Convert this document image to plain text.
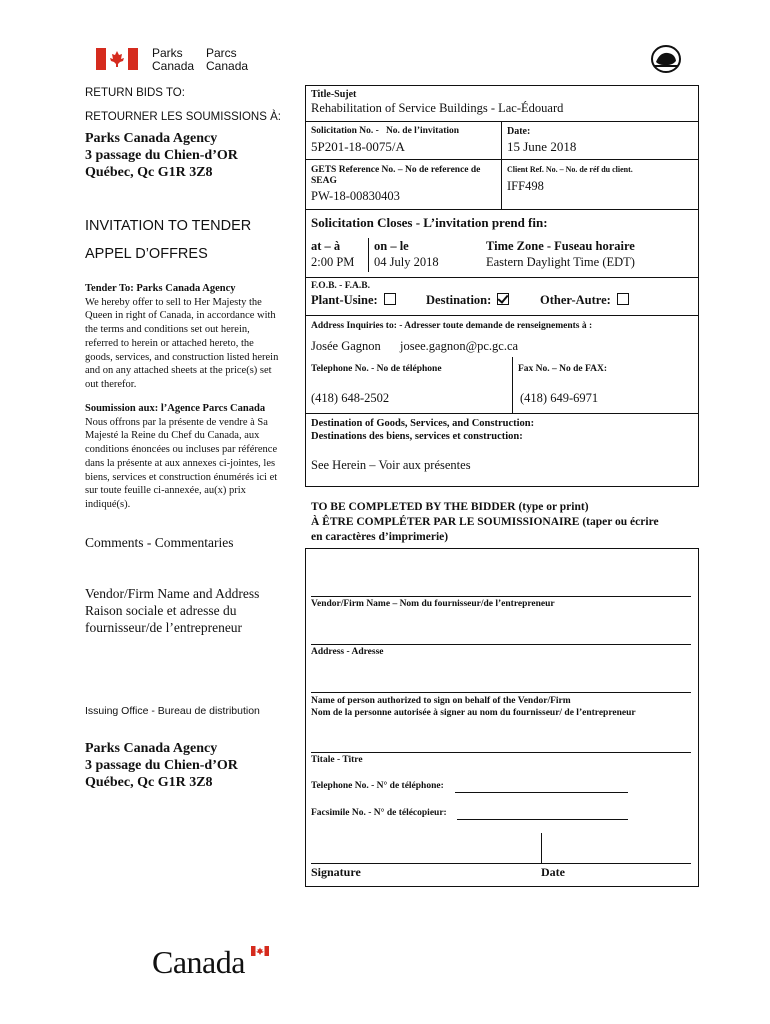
Parks
Canada
Parcs
Canada
RETURN BIDS TO:
RETOURNER LES SOUMISSIONS À:
Parks Canada Agency
3 passage du Chien-d’OR
Québec, Qc G1R 3Z8
INVITATION TO TENDER
APPEL D’OFFRES
Tender To: Parks Canada Agency
We hereby offer to sell to Her Majesty the
Queen in right of Canada, in accordance with
the terms and conditions set out herein,
referred to herein or attached hereto, the
goods, services, and construction listed herein
and on any attached sheets at the price(s) set
out therefor.
Soumission aux: l’Agence Parcs Canada
Nous offrons par la présente de vendre à Sa
Majesté la Reine du Chef du Canada, aux
conditions énoncées ou incluses par référence
dans la présente at aux annexes ci-jointes, les
biens, services et construction énumérés ici et
sur toute feuille ci-annexée, au(x) prix
indiqué(s).
Comments - Commentaries
Vendor/Firm Name and Address
Raison sociale et adresse du
fournisseur/de l’entrepreneur
Issuing Office - Bureau de distribution
Parks Canada Agency
3 passage du Chien-d’OR
Québec, Qc G1R 3Z8
Title-Sujet
Rehabilitation of Service Buildings - Lac-Édouard
Solicitation No. -   No. de l’invitation
5P201-18-0075/A
Date:
15 June 2018
GETS Reference No. – No de reference de
SEAG
PW-18-00830403
Client Ref. No. – No. de réf du client.
IFF498
Solicitation Closes - L’invitation prend fin:
at – à
2:00 PM
on – le
04 July 2018
Time Zone - Fuseau horaire
Eastern Daylight Time (EDT)
F.O.B. - F.A.B.
Plant-Usine:	Destination:	Other-Autre:
Address Inquiries to: - Adresser toute demande de renseignements à :
Josée Gagnon josee.gagnon@pc.gc.ca
Telephone No. - No de téléphone	Fax No. – No de FAX:
(418) 648-2502	(418) 649-6971
Destination of Goods, Services, and Construction:
Destinations des biens, services et construction:
See Herein – Voir aux présentes
TO BE COMPLETED BY THE BIDDER (type or print)
À ÊTRE COMPLÉTER PAR LE SOUMISSIONAIRE (taper ou écrire
en caractères d’imprimerie)
Vendor/Firm Name – Nom du fournisseur/de l’entrepreneur
Address - Adresse
Name of person authorized to sign on behalf of the Vendor/Firm
Nom de la personne autorisée à signer au nom du fournisseur/ de l’entrepreneur
Titale - Titre
Telephone No. - N° de téléphone:
Facsimile No. - N° de télécopieur:
Signature	Date
Canada
